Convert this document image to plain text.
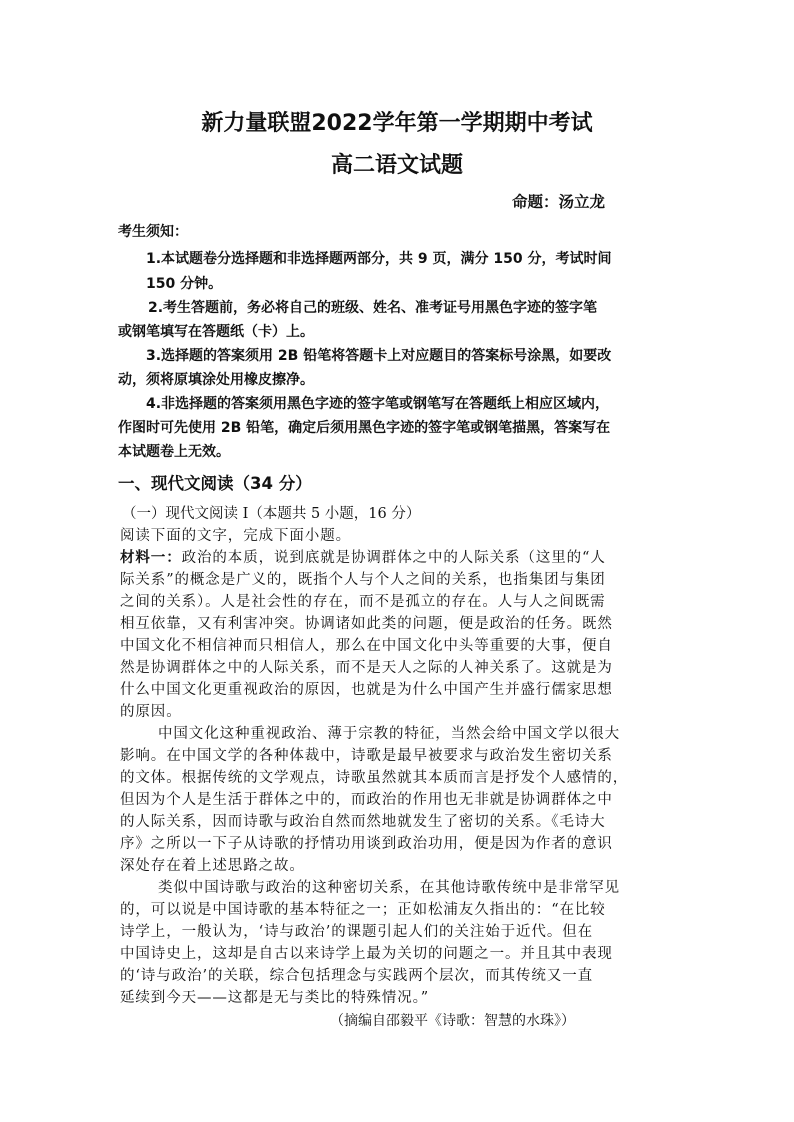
新力量联盟2022学年第一学期期中考试
高二语文试题
命题：汤立龙
考生须知：
1.本试题卷分选择题和非选择题两部分，共 9 页，满分 150 分，考试时间
150 分钟。
2.考生答题前，务必将自己的班级、姓名、准考证号用黑色字迹的签字笔
或钢笔填写在答题纸（卡）上。
3.选择题的答案须用 2B 铅笔将答题卡上对应题目的答案标号涂黑，如要改
动，须将原填涂处用橡皮擦净。
4.非选择题的答案须用黑色字迹的签字笔或钢笔写在答题纸上相应区域内，
作图时可先使用 2B 铅笔，确定后须用黑色字迹的签字笔或钢笔描黑，答案写在
本试题卷上无效。
一、现代文阅读（34 分）
（一）现代文阅读 I（本题共 5 小题，16 分）
阅读下面的文字，完成下面小题。
材料一：政治的本质，说到底就是协调群体之中的人际关系（这里的“人
际关系”的概念是广义的，既指个人与个人之间的关系，也指集团与集团
之间的关系）。人是社会性的存在，而不是孤立的存在。人与人之间既需
相互依靠，又有利害冲突。协调诸如此类的问题，便是政治的任务。既然
中国文化不相信神而只相信人，那么在中国文化中头等重要的大事，便自
然是协调群体之中的人际关系，而不是天人之际的人神关系了。这就是为
什么中国文化更重视政治的原因，也就是为什么中国产生并盛行儒家思想
的原因。
中国文化这种重视政治、薄于宗教的特征，当然会给中国文学以很大
影响。在中国文学的各种体裁中，诗歌是最早被要求与政治发生密切关系
的文体。根据传统的文学观点，诗歌虽然就其本质而言是抒发个人感情的，
但因为个人是生活于群体之中的，而政治的作用也无非就是协调群体之中
的人际关系，因而诗歌与政治自然而然地就发生了密切的关系。《毛诗大
序》之所以一下子从诗歌的抒情功用谈到政治功用，便是因为作者的意识
深处存在着上述思路之故。
类似中国诗歌与政治的这种密切关系，在其他诗歌传统中是非常罕见
的，可以说是中国诗歌的基本特征之一；正如松浦友久指出的：“在比较
诗学上，一般认为，‘诗与政治’的课题引起人们的关注始于近代。但在
中国诗史上，这却是自古以来诗学上最为关切的问题之一。并且其中表现
的‘诗与政治’的关联，综合包括理念与实践两个层次，而其传统又一直
延续到今天——这都是无与类比的特殊情况。”
（摘编自邵毅平《诗歌：智慧的水珠》）
